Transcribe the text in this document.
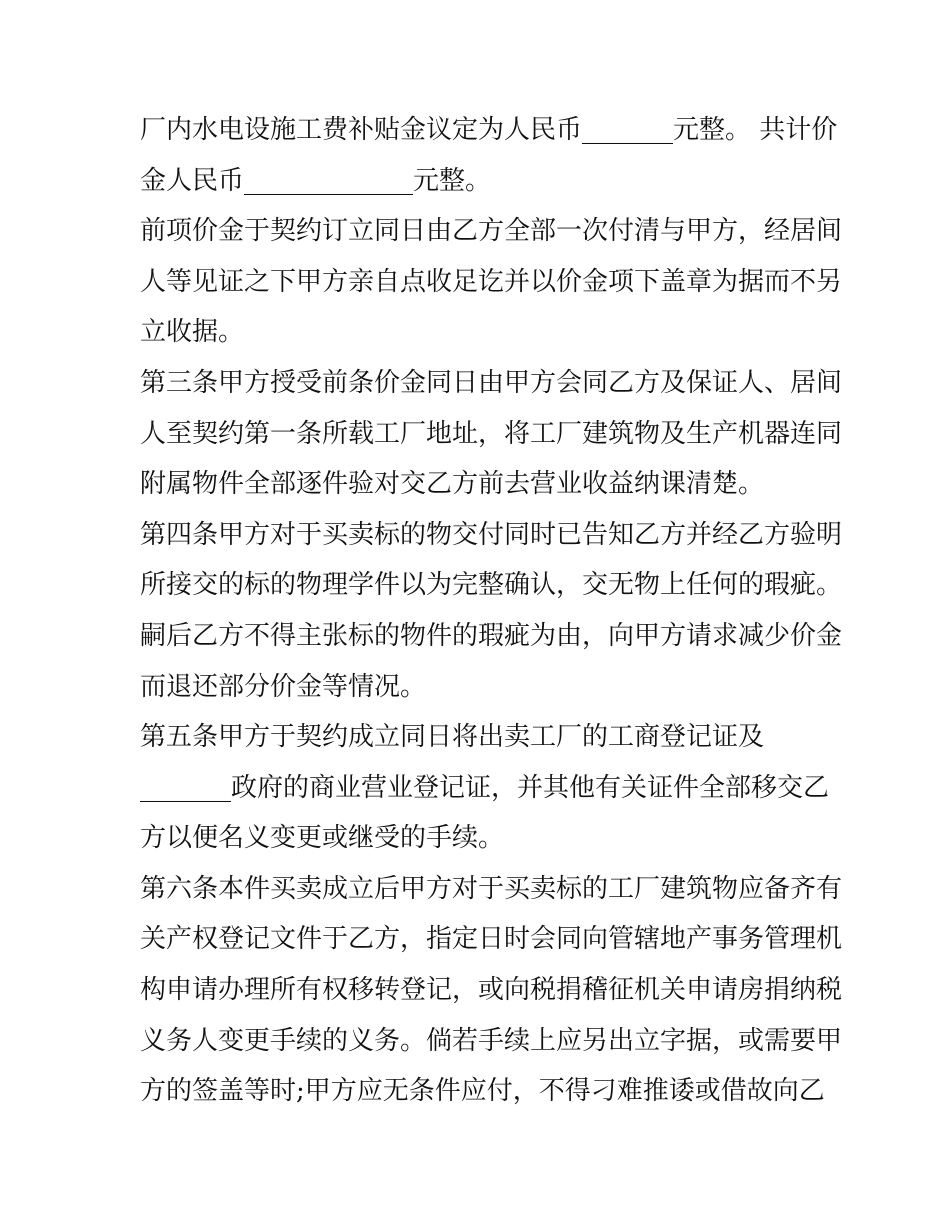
厂内水电设施工费补贴金议定为人民币_______元整。 共计价
金人民币_____________元整。
前项价金于契约订立同日由乙方全部一次付清与甲方，经居间
人等见证之下甲方亲自点收足讫并以价金项下盖章为据而不另
立收据。
第三条甲方授受前条价金同日由甲方会同乙方及保证人、居间
人至契约第一条所载工厂地址，将工厂建筑物及生产机器连同
附属物件全部逐件验对交乙方前去营业收益纳课清楚。
第四条甲方对于买卖标的物交付同时已告知乙方并经乙方验明
所接交的标的物理学件以为完整确认，交无物上任何的瑕疵。
嗣后乙方不得主张标的物件的瑕疵为由，向甲方请求减少价金
而退还部分价金等情况。
第五条甲方于契约成立同日将出卖工厂的工商登记证及
_______政府的商业营业登记证，并其他有关证件全部移交乙
方以便名义变更或继受的手续。
第六条本件买卖成立后甲方对于买卖标的工厂建筑物应备齐有
关产权登记文件于乙方，指定日时会同向管辖地产事务管理机
构申请办理所有权移转登记，或向税捐稽征机关申请房捐纳税
义务人变更手续的义务。倘若手续上应另出立字据，或需要甲
方的签盖等时;甲方应无条件应付，不得刁难推诿或借故向乙
